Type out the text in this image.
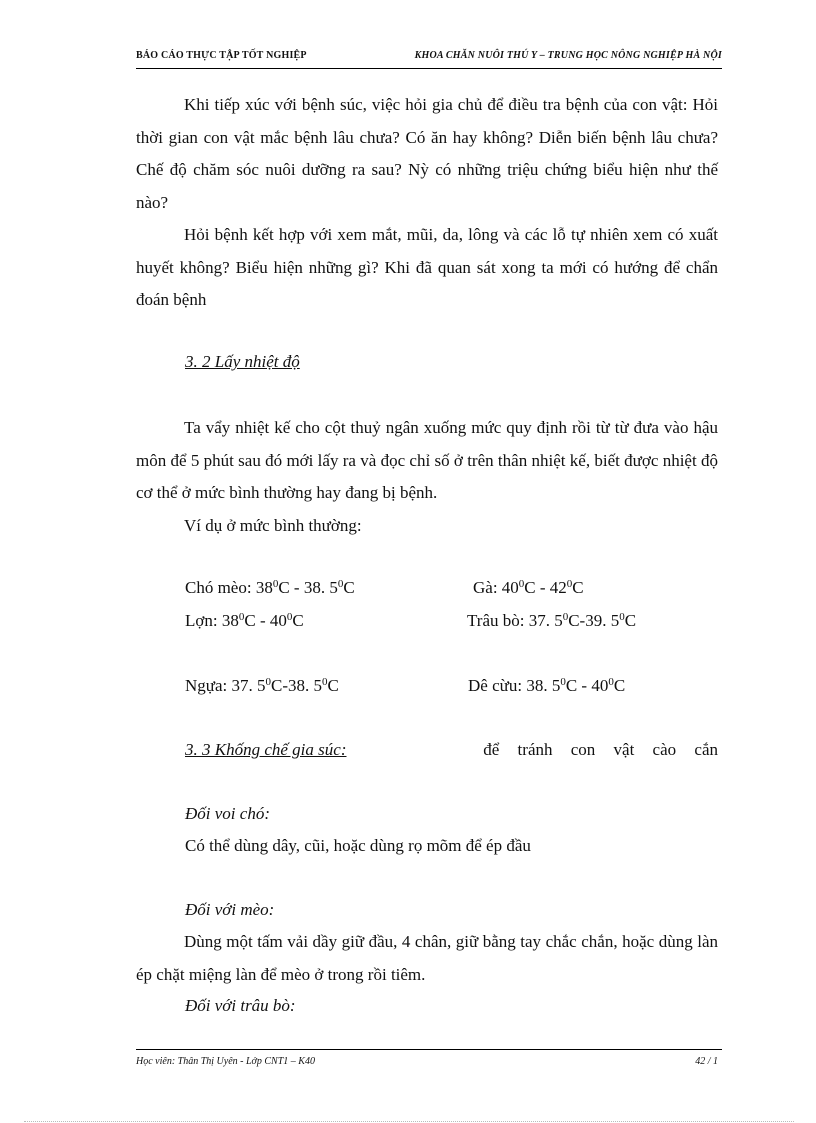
BÁO CÁO THỰC TẬP TỐT NGHIỆP	KHOA CHĂN NUÔI THÚ Y – TRUNG HỌC NÔNG NGHIỆP HÀ NỘI

Khi tiếp xúc với bệnh súc, việc hỏi gia chủ để điều tra bệnh của con vật: Hỏi thời gian con vật mắc bệnh lâu chưa? Có ăn hay không? Diễn biến bệnh lâu chưa? Chế độ chăm sóc nuôi dưỡng ra sau? Nỳ có những triệu chứng biểu hiện như thế nào?

Hỏi bệnh kết hợp với xem mắt, mũi, da, lông và các lỗ tự nhiên xem có xuất huyết không? Biểu hiện những gì? Khi đã quan sát xong ta mới có hướng để chẩn đoán bệnh

3. 2 Lấy nhiệt độ

Ta vẩy nhiệt kế cho cột thuỷ ngân xuống mức quy định rồi từ từ đưa vào hậu môn để 5 phút sau đó mới lấy ra và đọc chỉ số ở trên thân nhiệt kế, biết được nhiệt độ cơ thể ở mức bình thường hay đang bị bệnh.

Ví dụ ở mức bình thường:

Chó mèo: $38^0C - 38$. $5^0C$	Gà: $40^0C - 42^0C$
Lợn: $38^0C - 40^0C$	Trâu bò: 37. $5^0C-39$. $5^0C$
Ngựa: 37. $5^0C-38$. $5^0C$	Dê cừu: 38. $5^0C - 40^0C$
3. 3 Khống chế gia súc:	để tránh con vật cào cắn
Đối voi chó:
Có thể dùng dây, cũi, hoặc dùng rọ mõm để ép đầu
Đối với mèo:

Dùng một tấm vải dầy giữ đầu, 4 chân, giữ bằng tay chắc chắn, hoặc dùng làn ép chặt miệng làn để mèo ở trong rồi tiêm.

Đối với trâu bò:
Học viên: Thân Thị Uyên - Lớp CNT1 – K40	42 / 1
